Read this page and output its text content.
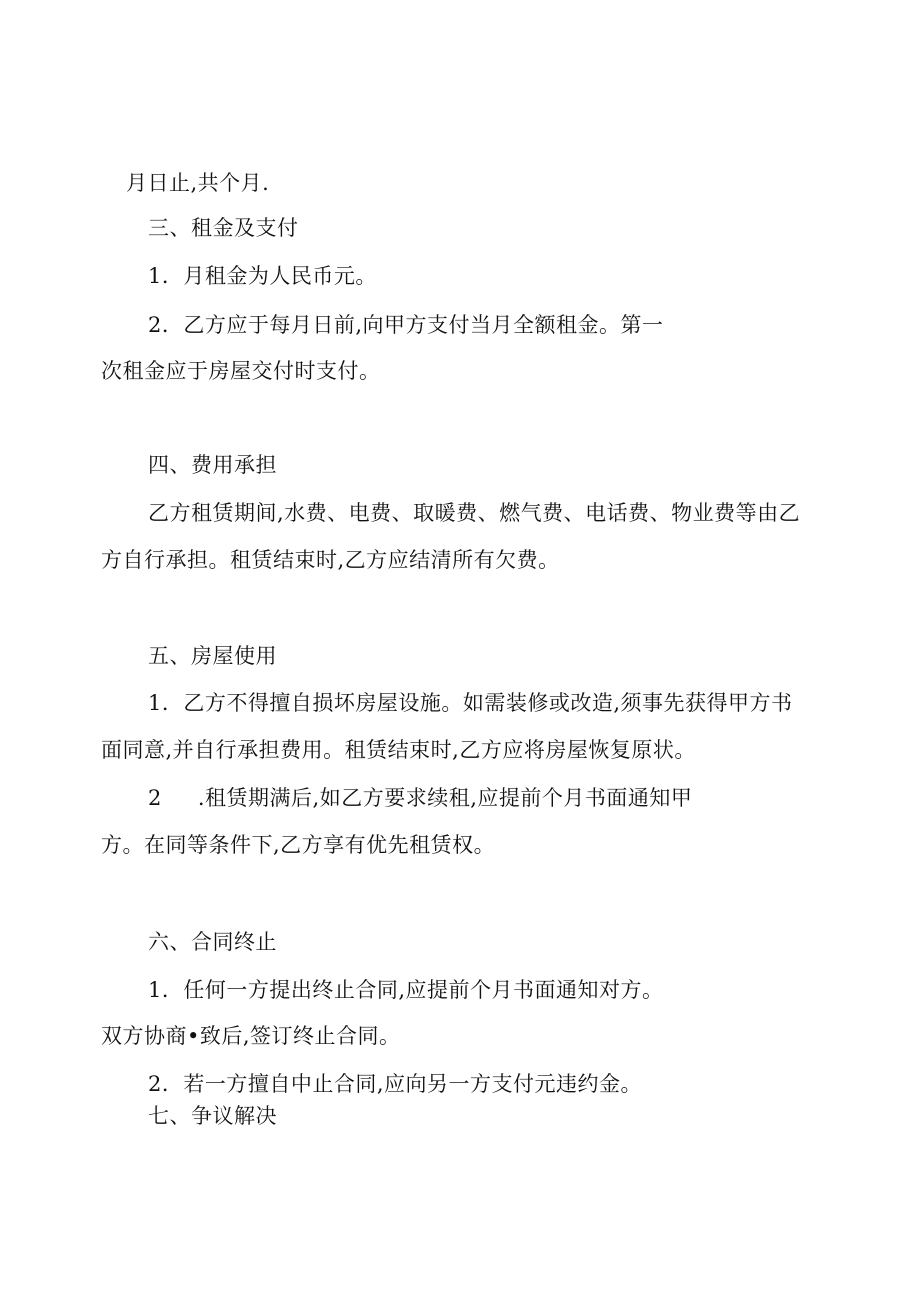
月日止,共个月.
三、租金及支付
1．月租金为人民币元。
2．乙方应于每月日前,向甲方支付当月全额租金。第一
次租金应于房屋交付时支付。
四、费用承担
乙方租赁期间,水费、电费、取暖费、燃气费、电话费、物业费等由乙
方自行承担。租赁结束时,乙方应结清所有欠费。
五、房屋使用
1．乙方不得擅自损坏房屋设施。如需装修或改造,须事先获得甲方书
面同意,并自行承担费用。租赁结束时,乙方应将房屋恢复原状。
2 .租赁期满后,如乙方要求续租,应提前个月书面通知甲
方。在同等条件下,乙方享有优先租赁权。
六、合同终止
1．任何一方提出终止合同,应提前个月书面通知对方。
双方协商•致后,签订终止合同。
2．若一方擅自中止合同,应向另一方支付元违约金。
七、争议解决
